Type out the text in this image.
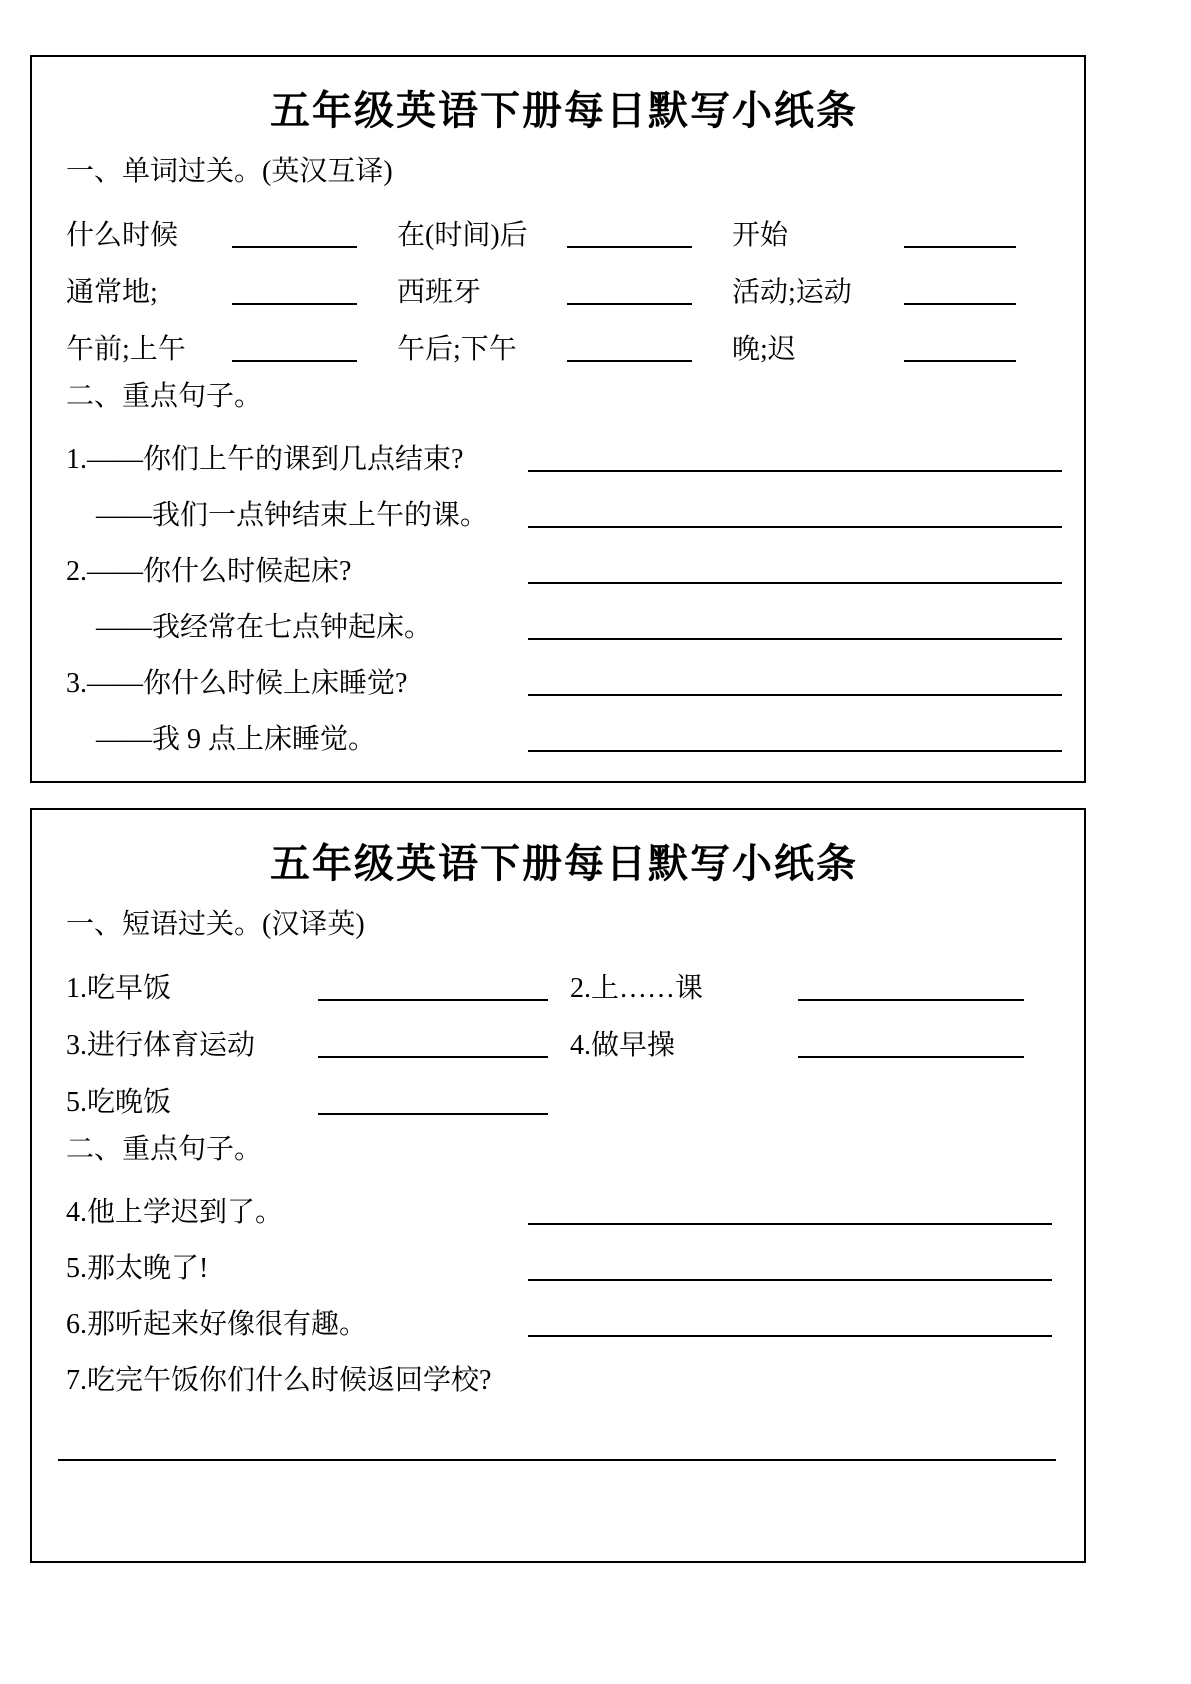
五年级英语下册每日默写小纸条
一、单词过关。(英汉互译)
什么时候	在(时间)后	开始
通常地;	西班牙	活动;运动
午前;上午	午后;下午	晚;迟
二、重点句子。
1.——你们上午的课到几点结束?
——我们一点钟结束上午的课。
2.——你什么时候起床?
——我经常在七点钟起床。
3.——你什么时候上床睡觉?
——我 9 点上床睡觉。
五年级英语下册每日默写小纸条
一、短语过关。(汉译英)
1.吃早饭	2.上……课
3.进行体育运动	4.做早操
5.吃晚饭
二、重点句子。
4.他上学迟到了。
5.那太晚了!
6.那听起来好像很有趣。
7.吃完午饭你们什么时候返回学校?
